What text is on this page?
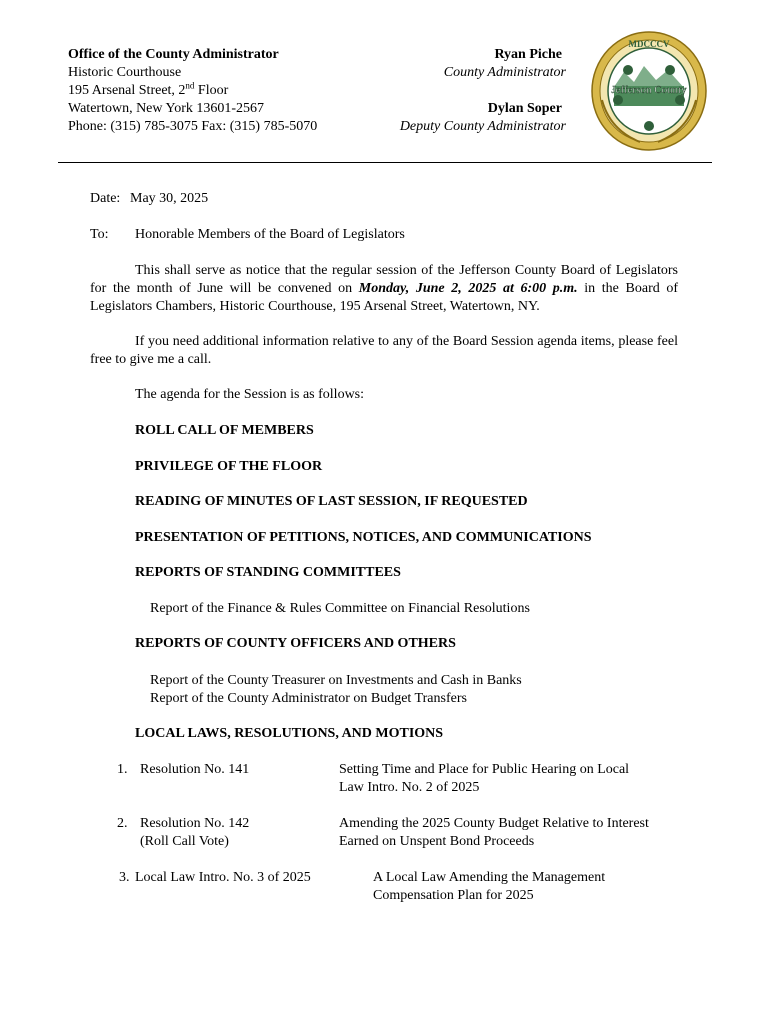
Office of the County Administrator
Historic Courthouse
195 Arsenal Street, 2nd Floor
Watertown, New York 13601-2567
Phone: (315) 785-3075 Fax: (315) 785-5070
Ryan Piche
County Administrator
Dylan Soper
Deputy County Administrator
MDCCCV
Jefferson County
Date: May 30, 2025
To: Honorable Members of the Board of Legislators
This shall serve as notice that the regular session of the Jefferson County Board of Legislators for the month of June will be convened on Monday, June 2, 2025 at 6:00 p.m. in the Board of Legislators Chambers, Historic Courthouse, 195 Arsenal Street, Watertown, NY.
If you need additional information relative to any of the Board Session agenda items, please feel free to give me a call.
The agenda for the Session is as follows:
ROLL CALL OF MEMBERS
PRIVILEGE OF THE FLOOR
READING OF MINUTES OF LAST SESSION, IF REQUESTED
PRESENTATION OF PETITIONS, NOTICES, AND COMMUNICATIONS
REPORTS OF STANDING COMMITTEES
Report of the Finance & Rules Committee on Financial Resolutions
REPORTS OF COUNTY OFFICERS AND OTHERS
Report of the County Treasurer on Investments and Cash in Banks
Report of the County Administrator on Budget Transfers
LOCAL LAWS, RESOLUTIONS, AND MOTIONS
1. Resolution No. 141	Setting Time and Place for Public Hearing on Local
Law Intro. No. 2 of 2025
2. Resolution No. 142
(Roll Call Vote)
Amending the 2025 County Budget Relative to Interest
Earned on Unspent Bond Proceeds
3. Local Law Intro. No. 3 of 2025	A Local Law Amending the Management
Compensation Plan for 2025
